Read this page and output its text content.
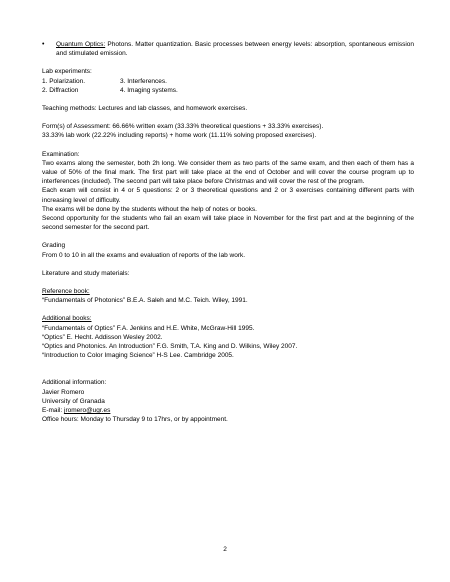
•	Quantum Optics: Photons. Matter quantization. Basic processes between energy levels: absorption, spontaneous emission and stimulated emission.

Lab experiments:

1. Polarization.	3. Interferences.
2. Diffraction	4. Imaging systems.

Teaching methods: Lectures and lab classes, and homework exercises.

Form(s) of Assessment: 66.66% written exam (33.33% theoretical questions + 33.33% exercises).

33.33% lab work (22.22% including reports) + home work (11.11% solving proposed exercises).

Examination:

Two exams along the semester, both 2h long. We consider them as two parts of the same exam, and then each of them has a value of 50% of the final mark. The first part will take place at the end of October and will cover the course program up to interferences (included). The second part will take place before Christmas and will cover the rest of the program.

Each exam will consist in 4 or 5 questions: 2 or 3 theoretical questions and 2 or 3 exercises containing different parts with increasing level of difficulty.

The exams will be done by the students without the help of notes or books.

Second opportunity for the students who fail an exam will take place in November for the first part and at the beginning of the second semester for the second part.

Grading

From 0 to 10 in all the exams and evaluation of reports of the lab work.

Literature and study materials:

Reference book:

“Fundamentals of Photonics” B.E.A. Saleh and M.C. Teich. Wiley, 1991.

Additional books:

“Fundamentals of Optics” F.A. Jenkins and H.E. White, McGraw-Hill 1995.

“Optics” E. Hecht. Addisson Wesley 2002.

“Optics and Photonics. An Introduction” F.G. Smith, T.A. King and D. Wilkins, Wiley 2007.

“Introduction to Color Imaging Science” H-S Lee. Cambridge 2005.

Additional information:

Javier Romero

University of Granada

E-mail: jromero@ugr.es

Office hours: Monday to Thursday 9 to 17hrs, or by appointment.

2
